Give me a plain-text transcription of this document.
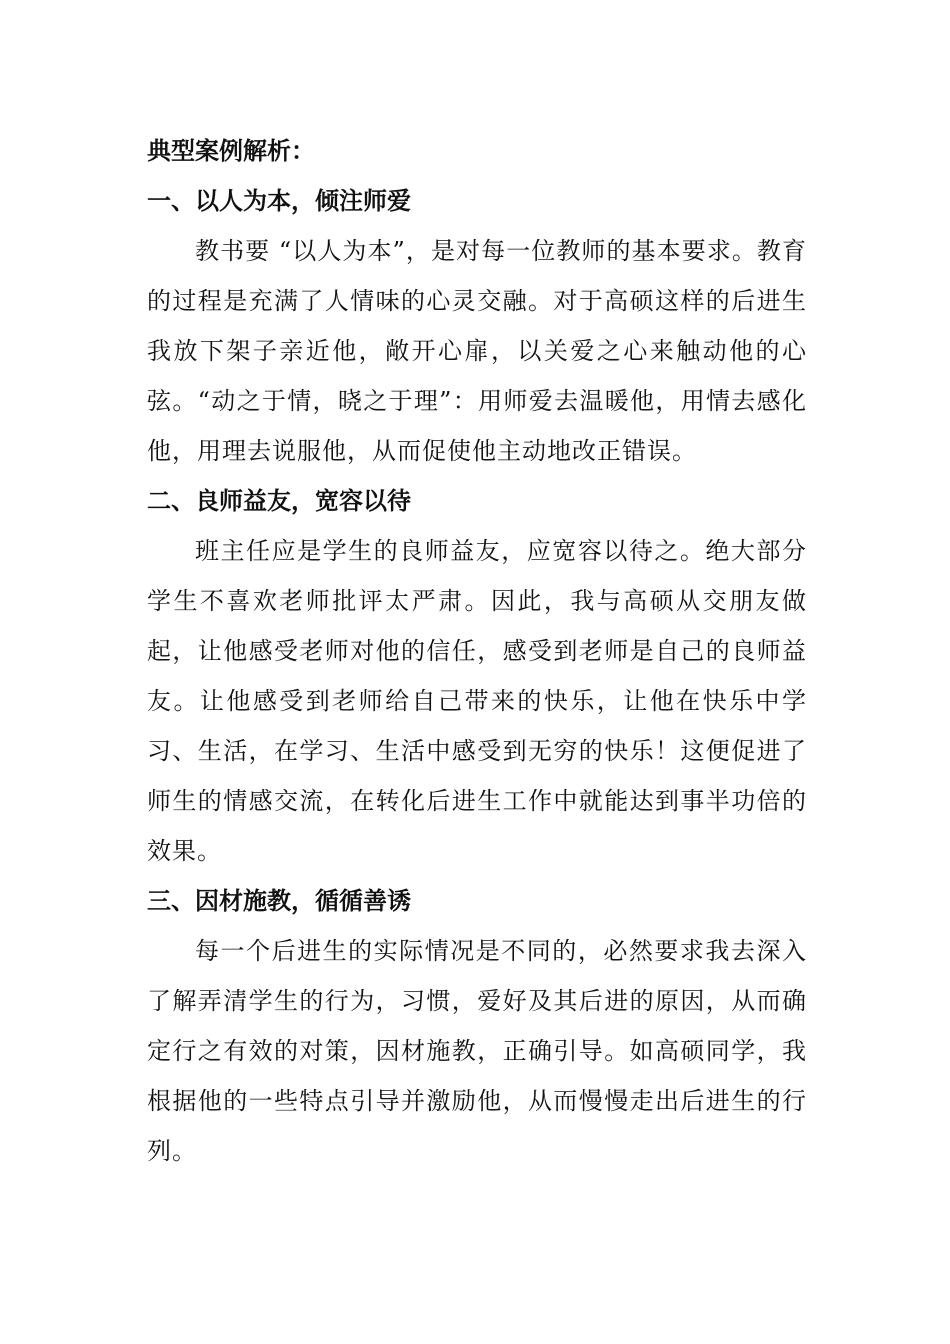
典型案例解析：
一、以人为本，倾注师爱

教书要 “以人为本”，是对每一位教师的基本要求。教育的过程是充满了人情味的心灵交融。对于高硕这样的后进生我放下架子亲近他，敞开心扉，以关爱之心来触动他的心弦。“动之于情，晓之于理”：用师爱去温暖他，用情去感化他，用理去说服他，从而促使他主动地改正错误。

二、良师益友，宽容以待

班主任应是学生的良师益友，应宽容以待之。绝大部分学生不喜欢老师批评太严肃。因此，我与高硕从交朋友做起，让他感受老师对他的信任，感受到老师是自己的良师益友。让他感受到老师给自己带来的快乐，让他在快乐中学习、生活，在学习、生活中感受到无穷的快乐！这便促进了师生的情感交流，在转化后进生工作中就能达到事半功倍的效果。

三、因材施教，循循善诱

每一个后进生的实际情况是不同的，必然要求我去深入了解弄清学生的行为，习惯，爱好及其后进的原因，从而确定行之有效的对策，因材施教，正确引导。如高硕同学，我根据他的一些特点引导并激励他，从而慢慢走出后进生的行列。
